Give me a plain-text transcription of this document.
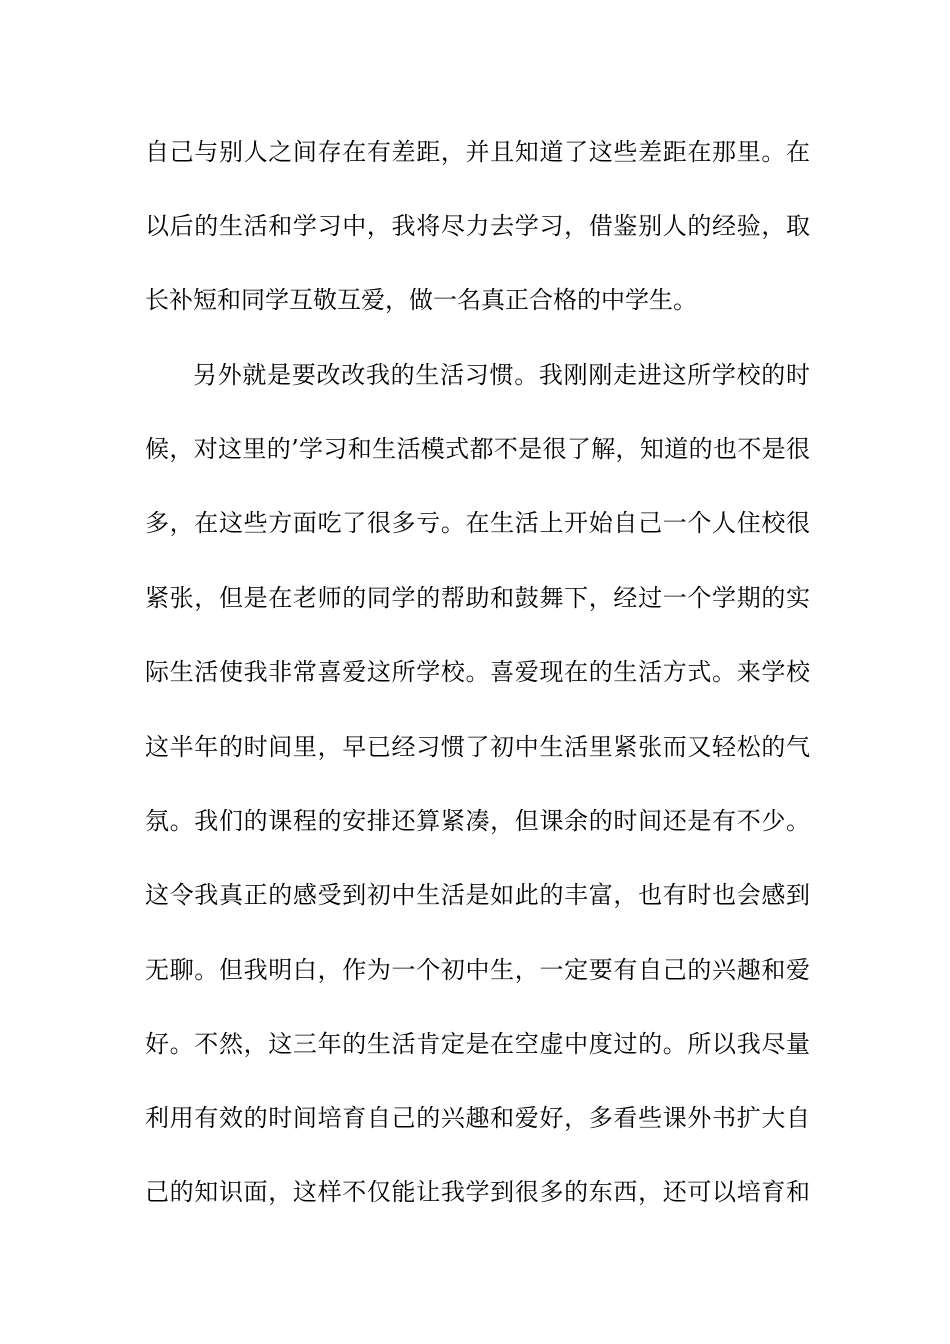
自己与别人之间存在有差距，并且知道了这些差距在那里。在
以后的生活和学习中，我将尽力去学习，借鉴别人的经验，取
长补短和同学互敬互爱，做一名真正合格的中学生。
另外就是要改改我的生活习惯。我刚刚走进这所学校的时
候，对这里的’学习和生活模式都不是很了解，知道的也不是很
多，在这些方面吃了很多亏。在生活上开始自己一个人住校很
紧张，但是在老师的同学的帮助和鼓舞下，经过一个学期的实
际生活使我非常喜爱这所学校。喜爱现在的生活方式。来学校
这半年的时间里，早已经习惯了初中生活里紧张而又轻松的气
氛。我们的课程的安排还算紧凑，但课余的时间还是有不少。
这令我真正的感受到初中生活是如此的丰富，也有时也会感到
无聊。但我明白，作为一个初中生，一定要有自己的兴趣和爱
好。不然，这三年的生活肯定是在空虚中度过的。所以我尽量
利用有效的时间培育自己的兴趣和爱好，多看些课外书扩大自
己的知识面，这样不仅能让我学到很多的东西，还可以培育和
